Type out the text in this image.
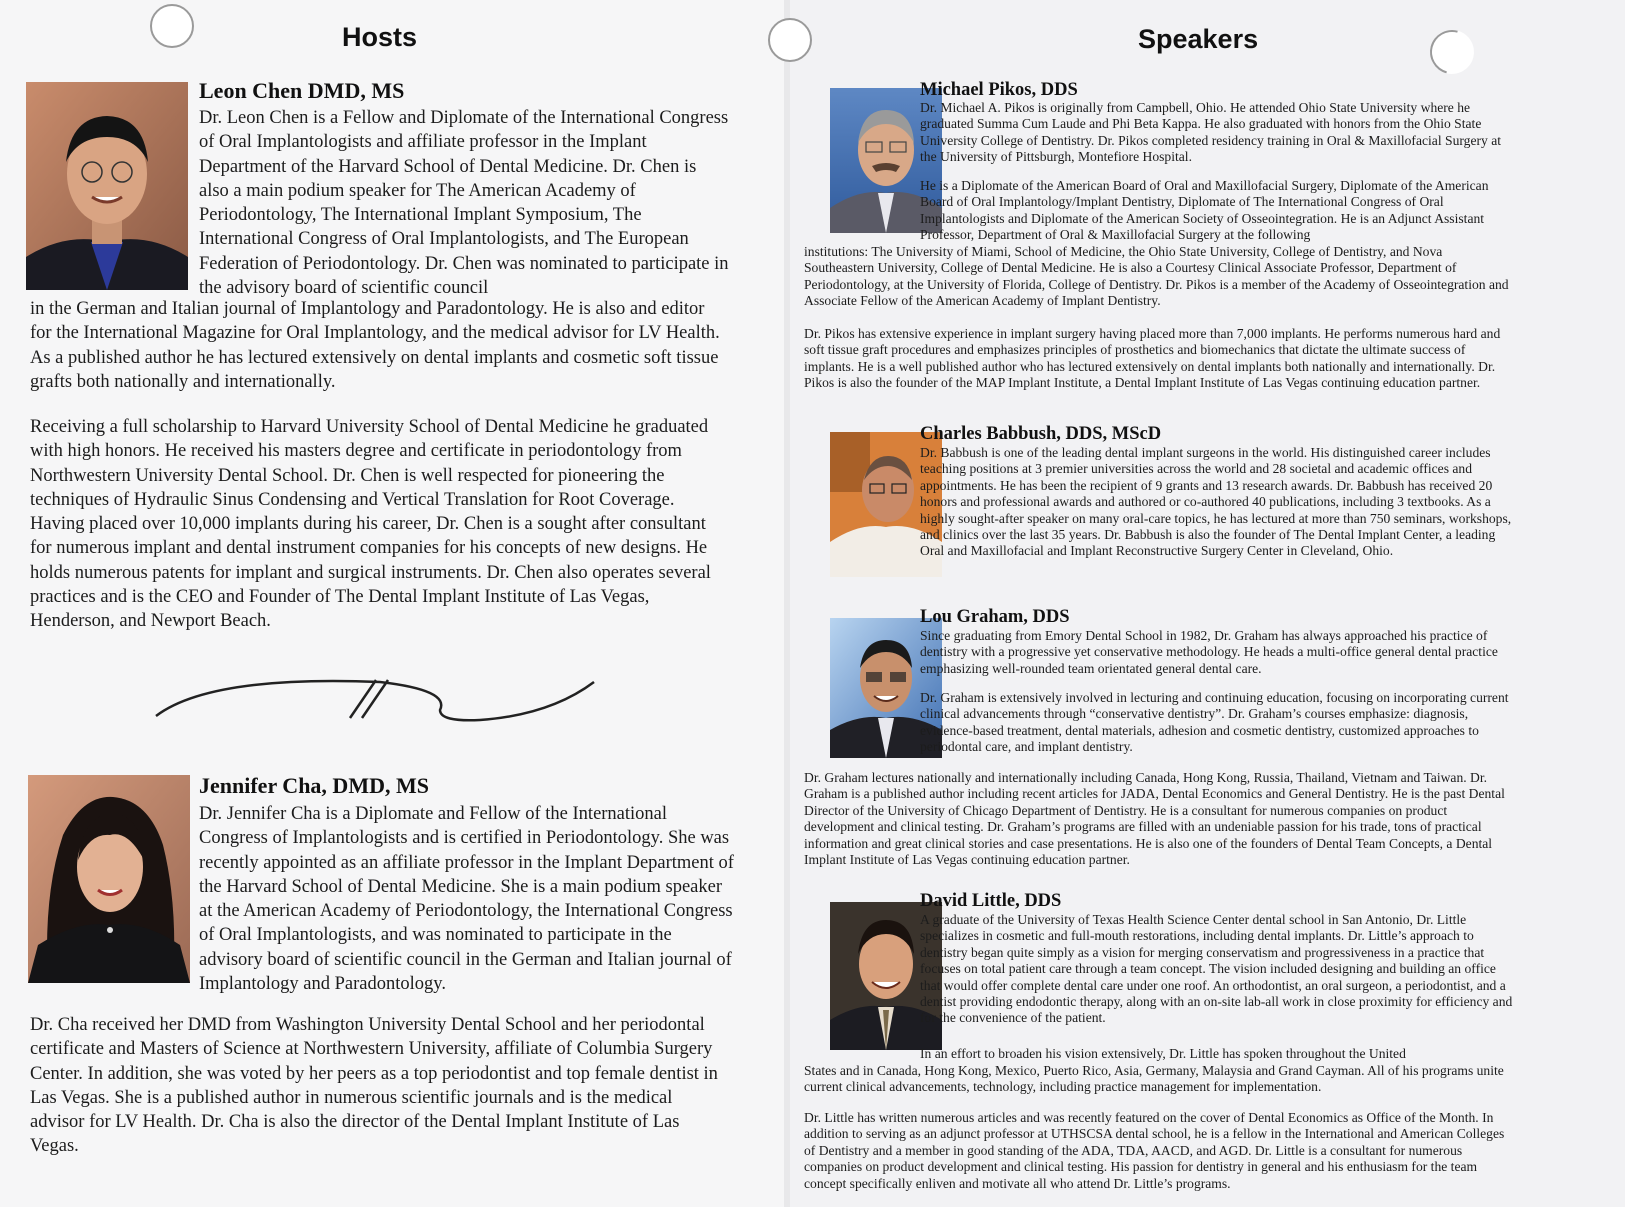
Hosts
Leon Chen DMD, MS
Dr. Leon Chen is a Fellow and Diplomate of the International Congress of Oral Implantologists and affiliate professor in the Implant Department of the Harvard School of Dental Medicine. Dr. Chen is also a main podium speaker for The American Academy of Periodontology, The International Implant Symposium, The International Congress of Oral Implantologists, and The European Federation of Periodontology. Dr. Chen was nominated to participate in the advisory board of scientific council
in the German and Italian journal of Implantology and Paradontology. He is also and editor for the International Magazine for Oral Implantology, and the medical advisor for LV Health. As a published author he has lectured extensively on dental implants and cosmetic soft tissue grafts both nationally and internationally.
Receiving a full scholarship to Harvard University School of Dental Medicine he graduated with high honors. He received his masters degree and certificate in periodontology from Northwestern University Dental School. Dr. Chen is well respected for pioneering the techniques of Hydraulic Sinus Condensing and Vertical Translation for Root Coverage. Having placed over 10,000 implants during his career, Dr. Chen is a sought after consultant for numerous implant and dental instrument companies for his concepts of new designs. He holds numerous patents for implant and surgical instruments. Dr. Chen also operates several practices and is the CEO and Founder of The Dental Implant Institute of Las Vegas, Henderson, and Newport Beach.
Jennifer Cha, DMD, MS
Dr. Jennifer Cha is a Diplomate and Fellow of the International Congress of Implantologists and is certified in Periodontology. She was recently appointed as an affiliate professor in the Implant Department of the Harvard School of Dental Medicine. She is a main podium speaker at the American Academy of Periodontology, the International Congress of Oral Implantologists, and was nominated to participate in the advisory board of scientific council in the German and Italian journal of Implantology and Paradontology.
Dr. Cha received her DMD from Washington University Dental School and her periodontal certificate and Masters of Science at Northwestern University, affiliate of Columbia Surgery Center. In addition, she was voted by her peers as a top periodontist and top female dentist in Las Vegas. She is a published author in numerous scientific journals and is the medical advisor for LV Health. Dr. Cha is also the director of the Dental Implant Institute of Las Vegas.
Speakers
Michael Pikos, DDS
Dr. Michael A. Pikos is originally from Campbell, Ohio. He attended Ohio State University where he graduated Summa Cum Laude and Phi Beta Kappa. He also graduated with honors from the Ohio State University College of Dentistry. Dr. Pikos completed residency training in Oral & Maxillofacial Surgery at the University of Pittsburgh, Montefiore Hospital.
He is a Diplomate of the American Board of Oral and Maxillofacial Surgery, Diplomate of the American Board of Oral Implantology/Implant Dentistry, Diplomate of The International Congress of Oral Implantologists and Diplomate of the American Society of Osseointegration. He is an Adjunct Assistant Professor, Department of Oral & Maxillofacial Surgery at the following
institutions: The University of Miami, School of Medicine, the Ohio State University, College of Dentistry, and Nova Southeastern University, College of Dental Medicine. He is also a Courtesy Clinical Associate Professor, Department of Periodontology, at the University of Florida, College of Dentistry. Dr. Pikos is a member of the Academy of Osseointegration and Associate Fellow of the American Academy of Implant Dentistry.
Dr. Pikos has extensive experience in implant surgery having placed more than 7,000 implants. He performs numerous hard and soft tissue graft procedures and emphasizes principles of prosthetics and biomechanics that dictate the ultimate success of implants. He is a well published author who has lectured extensively on dental implants both nationally and internationally. Dr. Pikos is also the founder of the MAP Implant Institute, a Dental Implant Institute of Las Vegas continuing education partner.
Charles Babbush, DDS, MScD
Dr. Babbush is one of the leading dental implant surgeons in the world. His distinguished career includes teaching positions at 3 premier universities across the world and 28 societal and academic offices and appointments. He has been the recipient of 9 grants and 13 research awards. Dr. Babbush has received 20 honors and professional awards and authored or co-authored 40 publications, including 3 textbooks. As a highly sought-after speaker on many oral-care topics, he has lectured at more than 750 seminars, workshops, and clinics over the last 35 years. Dr. Babbush is also the founder of The Dental Implant Center, a leading Oral and Maxillofacial and Implant Reconstructive Surgery Center in Cleveland, Ohio.
Lou Graham, DDS
Since graduating from Emory Dental School in 1982, Dr. Graham has always approached his practice of dentistry with a progressive yet conservative methodology. He heads a multi-office general dental practice emphasizing well-rounded team orientated general dental care.
Dr. Graham is extensively involved in lecturing and continuing education, focusing on incorporating current clinical advancements through “conservative dentistry”. Dr. Graham’s courses emphasize: diagnosis, evidence-based treatment, dental materials, adhesion and cosmetic dentistry, customized approaches to periodontal care, and implant dentistry.
Dr. Graham lectures nationally and internationally including Canada, Hong Kong, Russia, Thailand, Vietnam and Taiwan. Dr. Graham is a published author including recent articles for JADA, Dental Economics and General Dentistry. He is the past Dental Director of the University of Chicago Department of Dentistry. He is a consultant for numerous companies on product development and clinical testing. Dr. Graham’s programs are filled with an undeniable passion for his trade, tons of practical information and great clinical stories and case presentations. He is also one of the founders of Dental Team Concepts, a Dental Implant Institute of Las Vegas continuing education partner.
David Little, DDS
A graduate of the University of Texas Health Science Center dental school in San Antonio, Dr. Little specializes in cosmetic and full-mouth restorations, including dental implants. Dr. Little’s approach to dentistry began quite simply as a vision for merging conservatism and progressiveness in a practice that focuses on total patient care through a team concept. The vision included designing and building an office that would offer complete dental care under one roof. An orthodontist, an oral surgeon, a periodontist, and a dentist providing endodontic therapy, along with an on-site lab-all work in close proximity for efficiency and for the convenience of the patient.
In an effort to broaden his vision extensively, Dr. Little has spoken throughout the United
States and in Canada, Hong Kong, Mexico, Puerto Rico, Asia, Germany, Malaysia and Grand Cayman. All of his programs unite current clinical advancements, technology, including practice management for implementation.
Dr. Little has written numerous articles and was recently featured on the cover of Dental Economics as Office of the Month. In addition to serving as an adjunct professor at UTHSCSA dental school, he is a fellow in the International and American Colleges of Dentistry and a member in good standing of the ADA, TDA, AACD, and AGD. Dr. Little is a consultant for numerous companies on product development and clinical testing. His passion for dentistry in general and his enthusiasm for the team concept specifically enliven and motivate all who attend Dr. Little’s programs.
